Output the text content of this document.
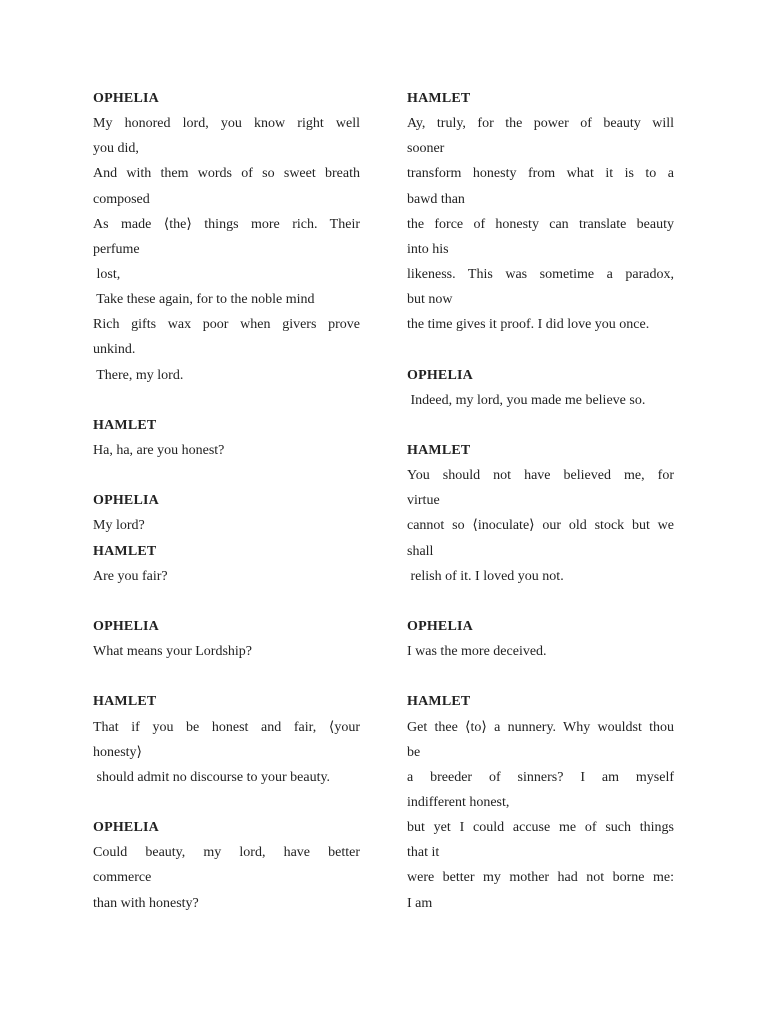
OPHELIA
My honored lord, you know right well
you did,
And with them words of so sweet breath
composed
As made ⟨the⟩ things more rich. Their
perfume
lost,
Take these again, for to the noble mind
Rich gifts wax poor when givers prove
unkind.
There, my lord.
HAMLET
Ha, ha, are you honest?
OPHELIA
My lord?
HAMLET
Are you fair?
OPHELIA
What means your Lordship?
HAMLET
That if you be honest and fair, ⟨your
honesty⟩
should admit no discourse to your beauty.
OPHELIA
Could beauty, my lord, have better
commerce
than with honesty?
HAMLET
Ay, truly, for the power of beauty will
sooner
transform honesty from what it is to a
bawd than
the force of honesty can translate beauty
into his
likeness. This was sometime a paradox,
but now
the time gives it proof. I did love you once.
OPHELIA
Indeed, my lord, you made me believe so.
HAMLET
You should not have believed me, for
virtue
cannot so ⟨inoculate⟩ our old stock but we
shall
relish of it. I loved you not.
OPHELIA
I was the more deceived.
HAMLET
Get thee ⟨to⟩ a nunnery. Why wouldst thou
be
a breeder of sinners? I am myself
indifferent honest,
but yet I could accuse me of such things
that it
were better my mother had not borne me:
I am
